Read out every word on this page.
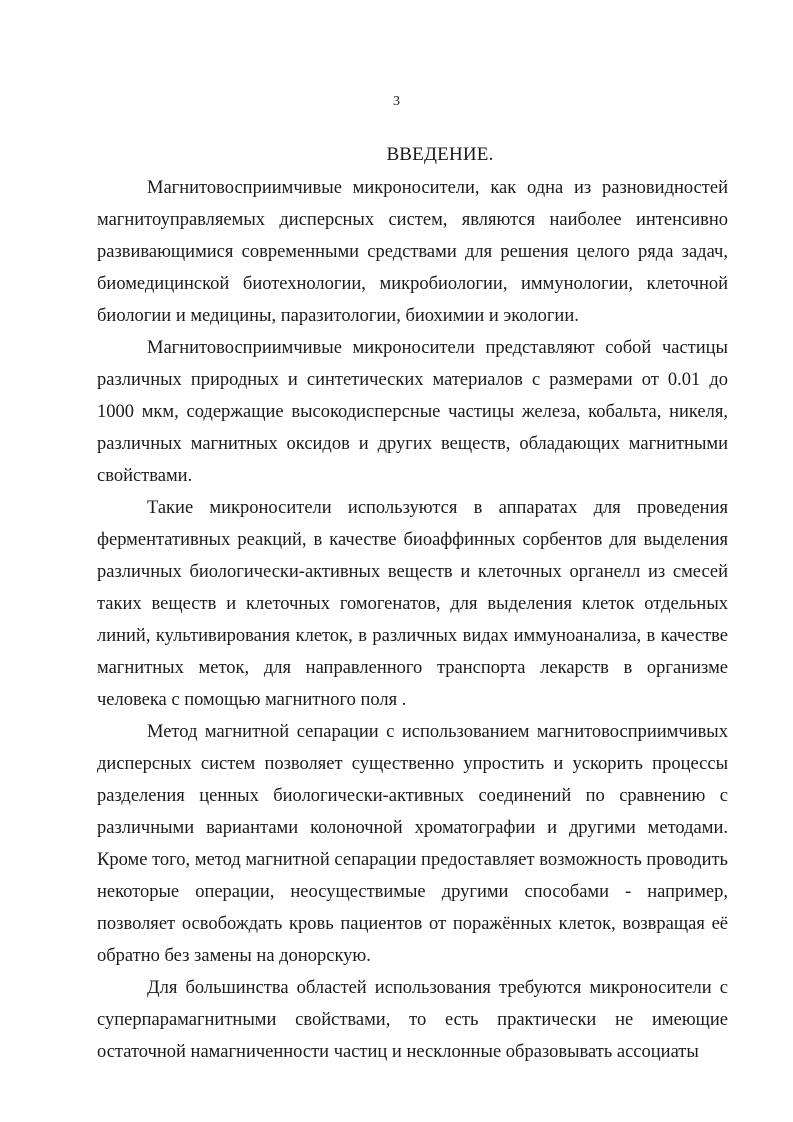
3
ВВЕДЕНИЕ.

Магнитовосприимчивые микроносители, как одна из разновидностей магнитоуправляемых дисперсных систем, являются наиболее интенсивно развивающимися современными средствами для решения целого ряда задач, биомедицинской биотехнологии, микробиологии, иммунологии, клеточной биологии и медицины, паразитологии, биохимии и экологии.

Магнитовосприимчивые микроносители представляют собой частицы различных природных и синтетических материалов с размерами от 0.01 до 1000 мкм, содержащие высокодисперсные частицы железа, кобальта, никеля, различных магнитных оксидов и других веществ, обладающих магнитными свойствами.

Такие микроносители используются в аппаратах для проведения ферментативных реакций, в качестве биоаффинных сорбентов для выделения различных биологически-активных веществ и клеточных органелл из смесей таких веществ и клеточных гомогенатов, для выделения клеток отдельных линий, культивирования клеток, в различных видах иммуноанализа, в качестве магнитных меток, для направленного транспорта лекарств в организме человека с помощью магнитного поля .

Метод магнитной сепарации с использованием магнитовосприимчивых дисперсных систем позволяет существенно упростить и ускорить процессы разделения ценных биологически-активных соединений по сравнению с различными вариантами колоночной хроматографии и другими методами. Кроме того, метод магнитной сепарации предоставляет возможность проводить некоторые операции, неосуществимые другими способами - например, позволяет освобождать кровь пациентов от поражённых клеток, возвращая её обратно без замены на донорскую.

Для большинства областей использования требуются микроносители с суперпарамагнитными свойствами, то есть практически не имеющие остаточной намагниченности частиц и несклонные образовывать ассоциаты
